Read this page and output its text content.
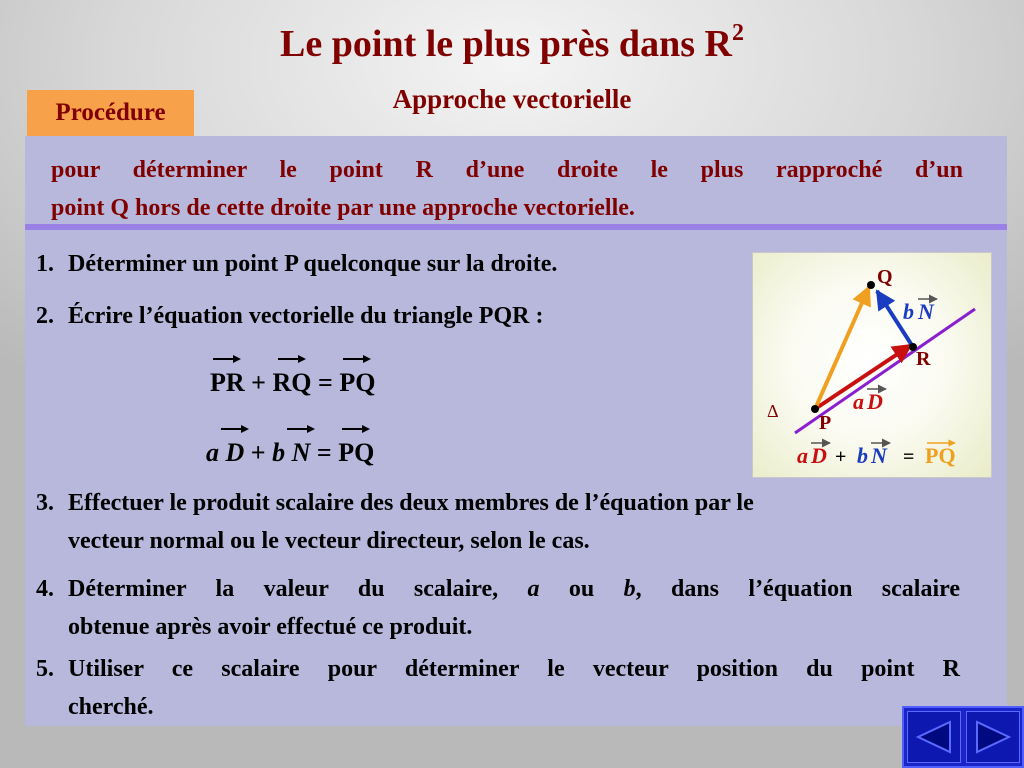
Le point le plus près dans $R^2$
Approche vectorielle
Procédure
pour déterminer le point R d’une droite le plus rapproché d’un
point Q hors de cette droite par une approche vectorielle.
1. Déterminer un point P quelconque sur la droite.
2. Écrire l’équation vectorielle du triangle PQR :
PR +
RQ =
PQ
a D + b N =
PQ
Q
R
P
Δ
b N
a D
a D + b N = PQ
3. Effectuer le produit scalaire des deux membres de l’équation par le
vecteur normal ou le vecteur directeur, selon le cas.
4. Déterminer la valeur du scalaire, a ou b, dans l’équation scalaire
obtenue après avoir effectué ce produit.
5. Utiliser ce scalaire pour déterminer le vecteur position du point R
cherché.
